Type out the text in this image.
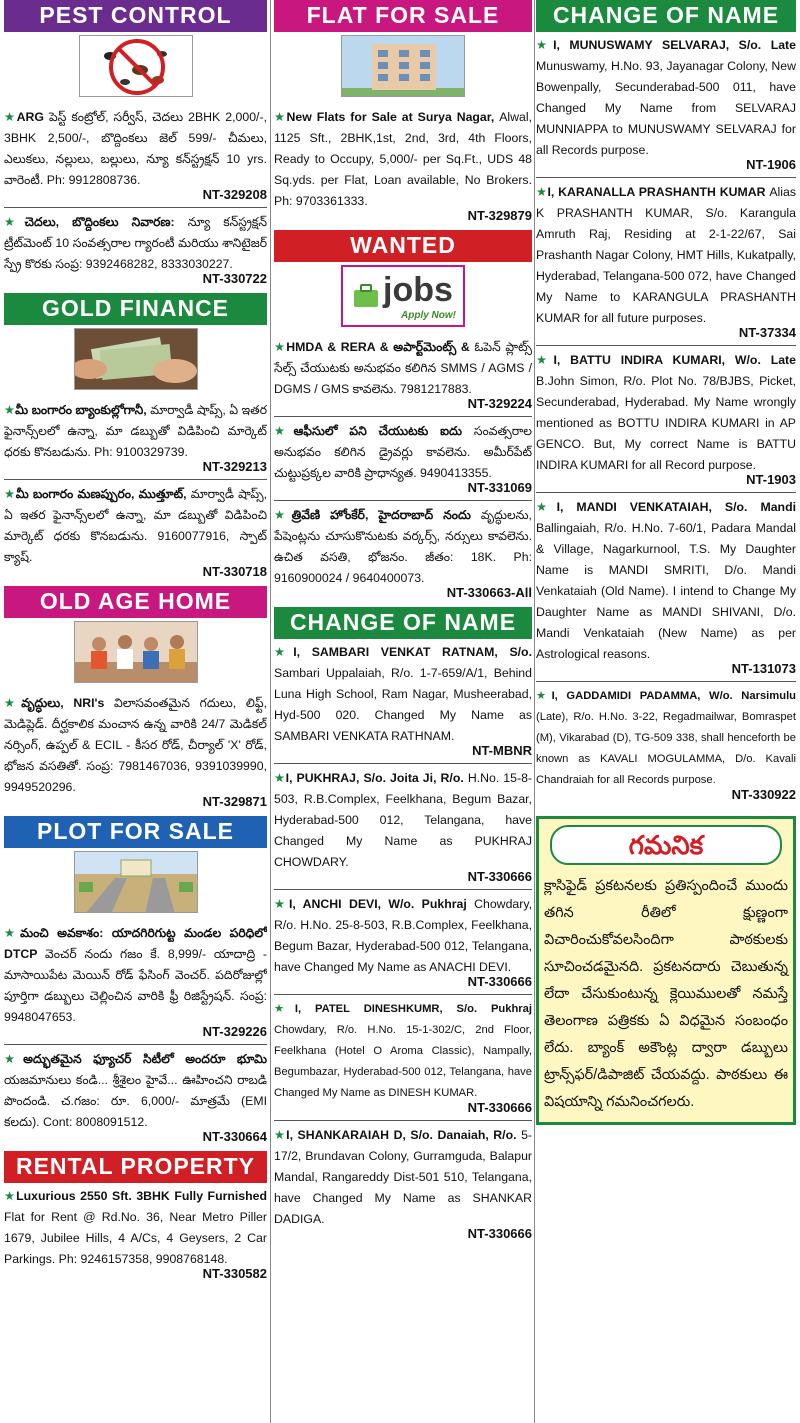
PEST CONTROL
★ARG పెస్ట్ కంట్రోల్, సర్వీస్, చెదలు 2BHK 2,000/-, 3BHK 2,500/-, బొద్దింకలు జెల్ 599/- చీమలు, ఎలుకలు, నల్లులు, బల్లులు, న్యూ కన్‌స్ట్రక్షన్ 10 yrs. వారెంటీ. Ph: 9912808736.
NT-329208
★చెదలు, బొద్దింకలు నివారణ: న్యూ కన్‌స్ట్రక్షన్ ట్రీట్‌మెంట్ 10 సంవత్సరాల గ్యారంటీ మరియు శానిటైజర్ స్ప్రే కొరకు సంప్ర: 9392468282, 8333030227.
NT-330722
GOLD FINANCE
★మీ బంగారం బ్యాంకుల్లోగానీ, మార్వాడీ షాప్స్, ఏ ఇతర ఫైనాన్స్‌లలో ఉన్నా, మా డబ్బుతో విడిపించి మార్కెట్ ధరకు కొనబడును. Ph: 9100329739.
NT-329213
★మీ బంగారం మణప్పురం, ముత్తూట్, మార్వాడీ షాప్స్, ఏ ఇతర ఫైనాన్స్‌లలో ఉన్నా, మా డబ్బుతో విడిపించి మార్కెట్ ధరకు కొనబడును. 9160077916, స్పాట్ క్యాష్.
NT-330718
OLD AGE HOME
★వృద్ధులు, NRI's విలాసవంతమైన గదులు, లిఫ్ట్, మెడిప్లెడ్. దీర్ఘకాలిక మంచాన ఉన్న వారికి 24/7 మెడికల్ నర్సింగ్, ఉప్పల్ & ECIL - కీసర రోడ్, చీర్యాల్ 'X' రోడ్, భోజన వసతితో. సంప్ర: 7981467036, 9391039990, 9949520296.
NT-329871
PLOT FOR SALE
★మంచి అవకాశం: యాదగిరిగుట్ట మండల పరిధిలో DTCP వెంచర్ నందు గజం కే. 8,999/- యాదాద్రి - మాసాయిపేట మెయిన్ రోడ్ ఫేసింగ్ వెంచర్. పదిరోజుల్లో పూర్తిగా డబ్బులు చెల్లించిన వారికి ఫ్రీ రిజిస్ట్రేషన్. సంప్ర: 9948047653.
NT-329226
★అద్భుతమైన ఫ్యూచర్ సిటీలో అందరూ భూమి యజమానులు కండి... శ్రీశైలం హైవే... ఊహించని రాబడి పొందండి. చ.గజం: రూ. 6,000/- మాత్రమే (EMI కలదు). Cont: 8008091512.
NT-330664
RENTAL PROPERTY
★Luxurious 2550 Sft. 3BHK Fully Furnished Flat for Rent @ Rd.No. 36, Near Metro Piller 1679, Jubilee Hills, 4 A/Cs, 4 Geysers, 2 Car Parkings. Ph: 9246157358, 9908768148.
NT-330582
FLAT FOR SALE
★New Flats for Sale at Surya Nagar, Alwal, 1125 Sft., 2BHK,1st, 2nd, 3rd, 4th Floors, Ready to Occupy, 5,000/- per Sq.Ft., UDS 48 Sq.yds. per Flat, Loan available, No Brokers. Ph: 9703361333.
NT-329879
WANTED
jobs
Apply Now!
★HMDA & RERA & అపార్ట్‌మెంట్స్ & ఓపెన్ ప్లాట్స్ సేల్స్ చేయుటకు అనుభవం కలిగిన SMMS / AGMS / DGMS / GMS కావలెను. 7981217883.
NT-329224
★ఆఫీసులో పని చేయుటకు ఐదు సంవత్సరాల అనుభవం కలిగిన డ్రైవర్లు కావలెను. అమీర్‌పేట్ చుట్టుప్రక్కల వారికి ప్రాధాన్యత. 9490413355.
NT-331069
★త్రివేణి హోంకేర్, హైదరాబాద్ నందు వృద్ధులను, పేషెంట్లను చూసుకొనుటకు వర్కర్స్, నర్సులు కావలెను. ఉచిత వసతి, భోజనం. జీతం: 18K. Ph: 9160900024 / 9640400073.
NT-330663-All
CHANGE OF NAME
★I, SAMBARI VENKAT RATNAM, S/o. Sambari Uppalaiah, R/o. 1-7-659/A/1, Behind Luna High School, Ram Nagar, Musheerabad, Hyd-500 020. Changed My Name as SAMBARI VENKATA RATHNAM.
NT-MBNR
★I, PUKHRAJ, S/o. Joita Ji, R/o. H.No. 15-8-503, R.B.Complex, Feelkhana, Begum Bazar, Hyderabad-500 012, Telangana, have Changed My Name as PUKHRAJ CHOWDARY.
NT-330666
★I, ANCHI DEVI, W/o. Pukhraj Chowdary, R/o. H.No. 25-8-503, R.B.Complex, Feelkhana, Begum Bazar, Hyderabad-500 012, Telangana, have Changed My Name as ANACHI DEVI.
NT-330666
★I, PATEL DINESHKUMR, S/o. Pukhraj Chowdary, R/o. H.No. 15-1-302/C, 2nd Floor, Feelkhana (Hotel O Aroma Classic), Nampally, Begumbazar, Hyderabad-500 012, Telangana, have Changed My Name as DINESH KUMAR.
NT-330666
★I, SHANKARAIAH D, S/o. Danaiah, R/o. 5-17/2, Brundavan Colony, Gurramguda, Balapur Mandal, Rangareddy Dist-501 510, Telangana, have Changed My Name as SHANKAR DADIGA.
NT-330666
CHANGE OF NAME
★I, MUNUSWAMY SELVARAJ, S/o. Late Munuswamy, H.No. 93, Jayanagar Colony, New Bowenpally, Secunderabad-500 011, have Changed My Name from SELVARAJ MUNNIAPPA to MUNUSWAMY SELVARAJ for all Records purpose.
NT-1906
★I, KARANALLA PRASHANTH KUMAR Alias K PRASHANTH KUMAR, S/o. Karangula Amruth Raj, Residing at 2-1-22/67, Sai Prashanth Nagar Colony, HMT Hills, Kukatpally, Hyderabad, Telangana-500 072, have Changed My Name to KARANGULA PRASHANTH KUMAR for all future purposes.
NT-37334
★I, BATTU INDIRA KUMARI, W/o. Late B.John Simon, R/o. Plot No. 78/BJBS, Picket, Secunderabad, Hyderabad. My Name wrongly mentioned as BOTTU INDIRA KUMARI in AP GENCO. But, My correct Name is BATTU INDIRA KUMARI for all Record purpose.
NT-1903
★I, MANDI VENKATAIAH, S/o. Mandi Ballingaiah, R/o. H.No. 7-60/1, Padara Mandal & Village, Nagarkurnool, T.S. My Daughter Name is MANDI SMRITI, D/o. Mandi Venkataiah (Old Name). I intend to Change My Daughter Name as MANDI SHIVANI, D/o. Mandi Venkataiah (New Name) as per Astrological reasons.
NT-131073
★I, GADDAMIDI PADAMMA, W/o. Narsimulu (Late), R/o. H.No. 3-22, Regadmailwar, Bomraspet (M), Vikarabad (D), TG-509 338, shall henceforth be known as KAVALI MOGULAMMA, D/o. Kavali Chandraiah for all Records purpose.
NT-330922
గమనిక
క్లాసిఫైడ్ ప్రకటనలకు ప్రతిస్పందించే ముందు తగిన రీతిలో క్షుణ్ణంగా విచారించుకోవలసిందిగా పాఠకులకు సూచించడమైనది. ప్రకటనదారు చెబుతున్న లేదా చేసుకుంటున్న క్లెయిములతో నమస్తే తెలంగాణ పత్రికకు ఏ విధమైన సంబంధం లేదు. బ్యాంక్ అకౌంట్ల ద్వారా డబ్బులు ట్రాన్స్‌ఫర్/డిపాజిట్ చేయవద్దు. పాఠకులు ఈ విషయాన్ని గమనించగలరు.
